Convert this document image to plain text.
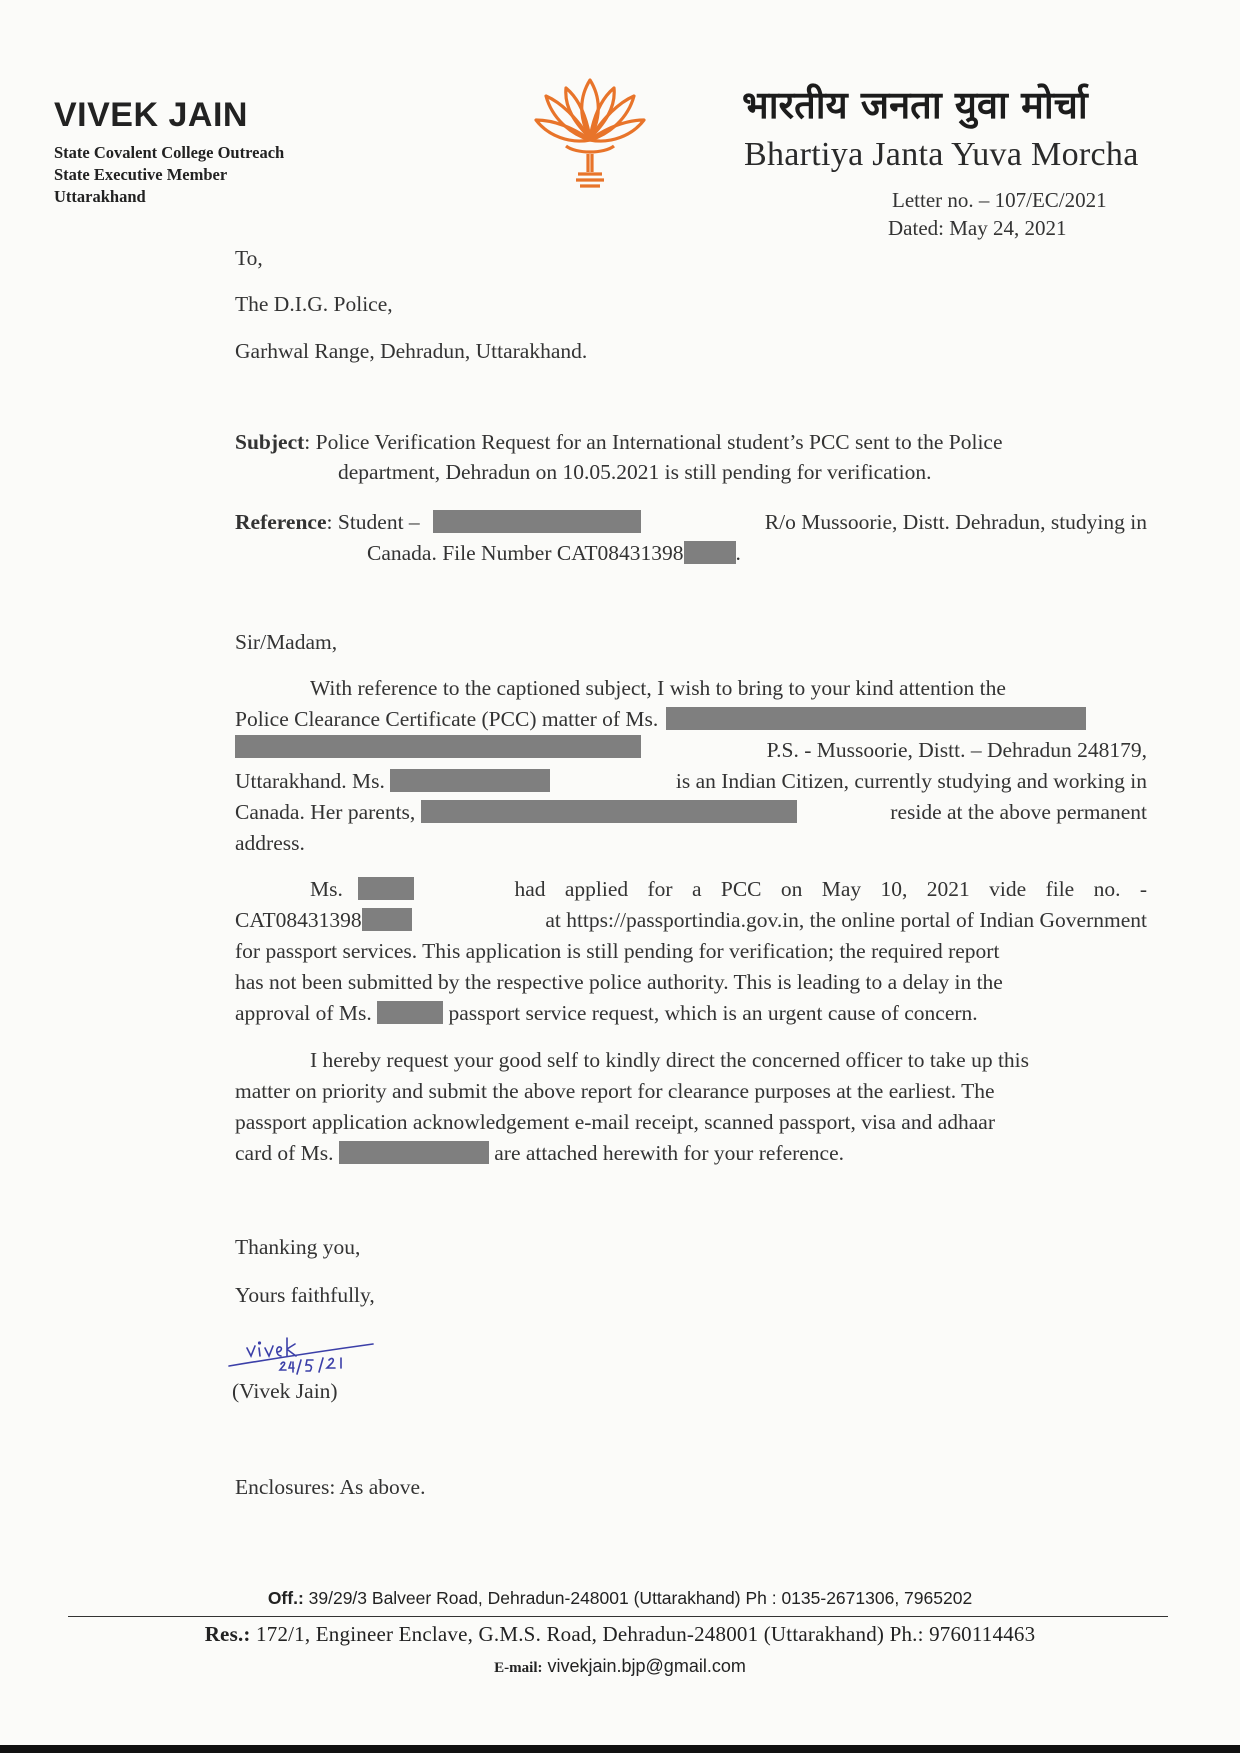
VIVEK JAIN
State Covalent College Outreach
State Executive Member
Uttarakhand
भारतीय जनता युवा मोर्चा
Bhartiya Janta Yuva Morcha
Letter no. – 107/EC/2021
Dated: May 24, 2021
To,
The D.I.G. Police,
Garhwal Range, Dehradun, Uttarakhand.
Subject: Police Verification Request for an International student’s PCC sent to the Police
department, Dehradun on 10.05.2021 is still pending for verification.
Reference: Student –	R/o Mussoorie, Distt. Dehradun, studying in
Canada. File Number CAT08431398 .
Sir/Madam,
With reference to the captioned subject, I wish to bring to your kind attention the
Police Clearance Certificate (PCC) matter of Ms.
P.S. - Mussoorie, Distt. – Dehradun 248179,
Uttarakhand. Ms.	is an Indian Citizen, currently studying and working in
Canada. Her parents,	reside at the above permanent
address.
Ms.	had applied for a PCC on May 10, 2021 vide file no. -
CAT08431398	at https://passportindia.gov.in, the online portal of Indian Government
for passport services. This application is still pending for verification; the required report
has not been submitted by the respective police authority. This is leading to a delay in the
approval of Ms.	passport service request, which is an urgent cause of concern.
I hereby request your good self to kindly direct the concerned officer to take up this
matter on priority and submit the above report for clearance purposes at the earliest. The
passport application acknowledgement e-mail receipt, scanned passport, visa and adhaar
card of Ms.	are attached herewith for your reference.
Thanking you,
Yours faithfully,
(Vivek Jain)
Enclosures: As above.
Off.: 39/29/3 Balveer Road, Dehradun-248001 (Uttarakhand) Ph : 0135-2671306, 7965202
Res.: 172/1, Engineer Enclave, G.M.S. Road, Dehradun-248001 (Uttarakhand) Ph.: 9760114463
E-mail: vivekjain.bjp@gmail.com
